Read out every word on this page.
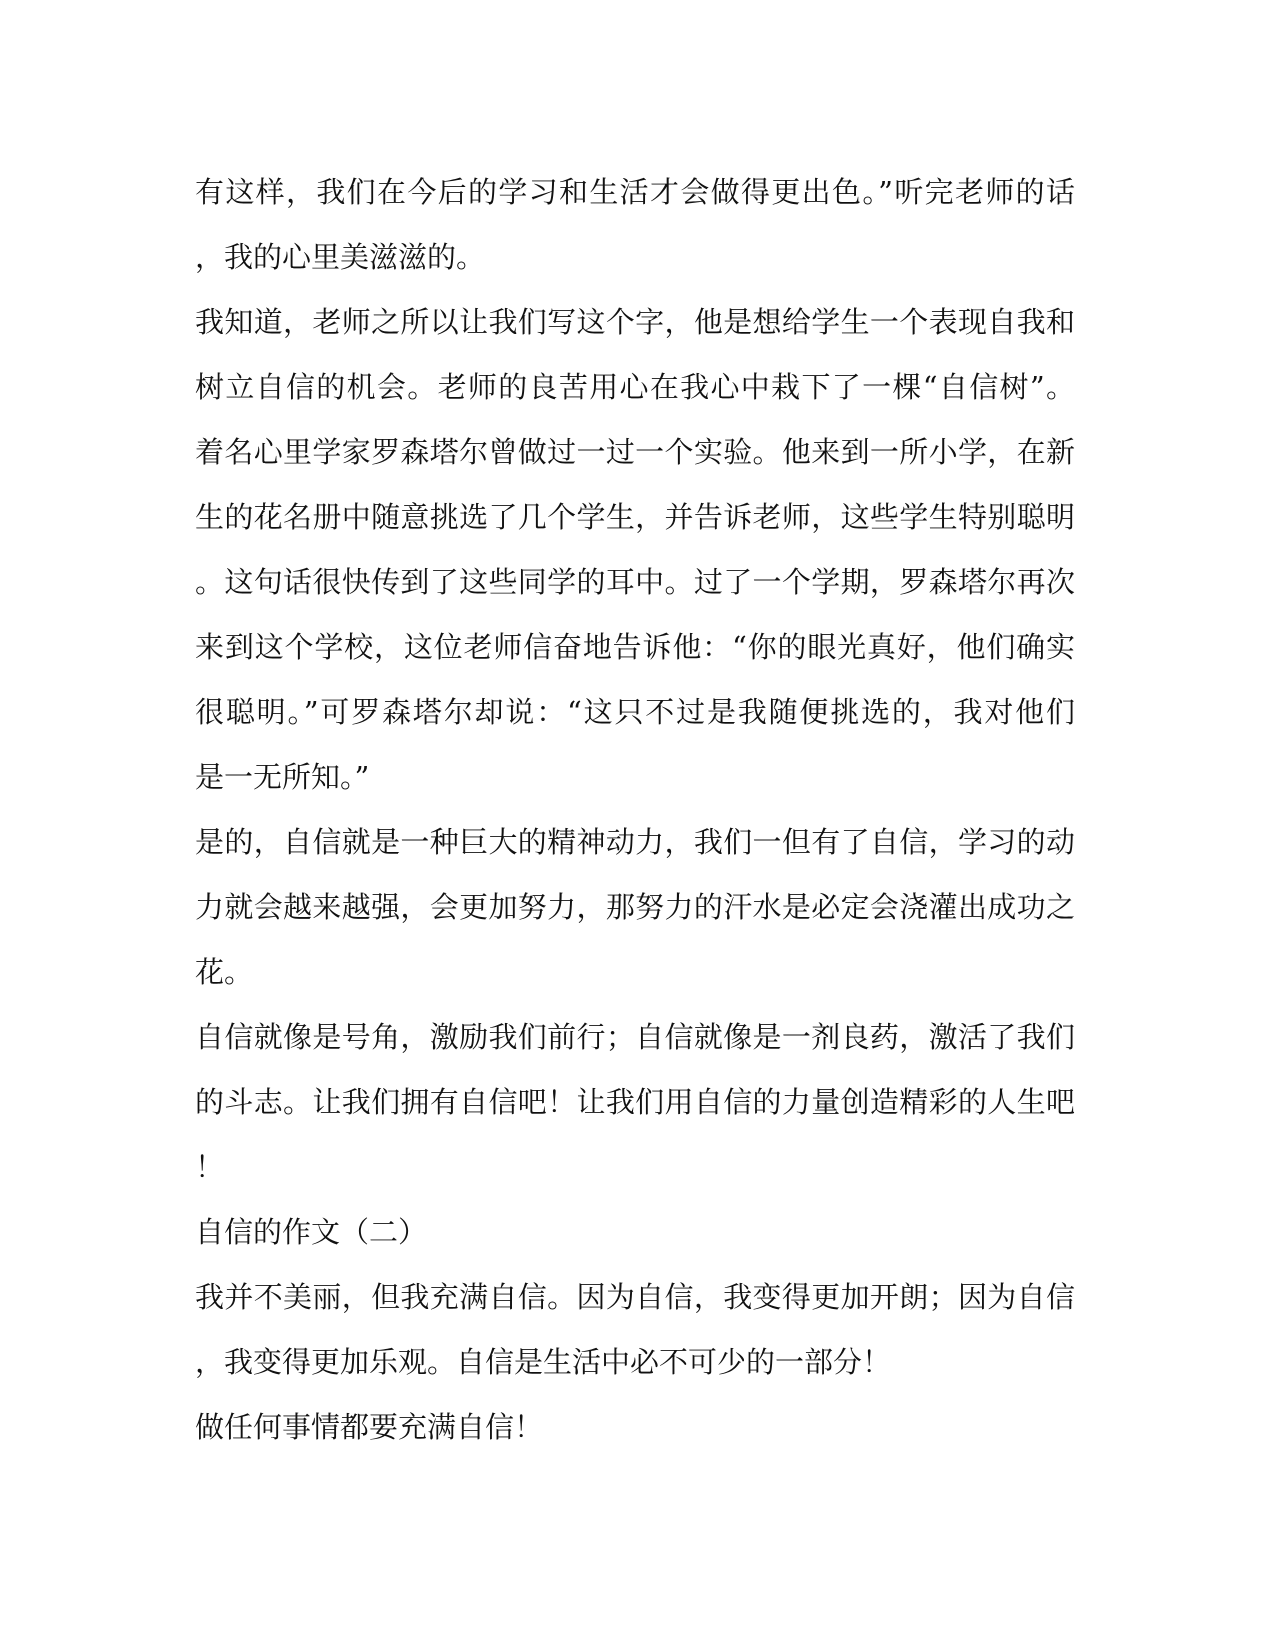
有这样，我们在今后的学习和生活才会做得更出色。”听完老师的话
，我的心里美滋滋的。
我知道，老师之所以让我们写这个字，他是想给学生一个表现自我和
树立自信的机会。老师的良苦用心在我心中栽下了一棵“自信树”。
着名心里学家罗森塔尔曾做过一过一个实验。他来到一所小学，在新
生的花名册中随意挑选了几个学生，并告诉老师，这些学生特别聪明
。这句话很快传到了这些同学的耳中。过了一个学期，罗森塔尔再次
来到这个学校，这位老师信奋地告诉他：“你的眼光真好，他们确实
很聪明。”可罗森塔尔却说：“这只不过是我随便挑选的，我对他们
是一无所知。”
是的，自信就是一种巨大的精神动力，我们一但有了自信，学习的动
力就会越来越强，会更加努力，那努力的汗水是必定会浇灌出成功之
花。
自信就像是号角，激励我们前行；自信就像是一剂良药，激活了我们
的斗志。让我们拥有自信吧！让我们用自信的力量创造精彩的人生吧
！
自信的作文（二）
我并不美丽，但我充满自信。因为自信，我变得更加开朗；因为自信
，我变得更加乐观。自信是生活中必不可少的一部分！
做任何事情都要充满自信！
